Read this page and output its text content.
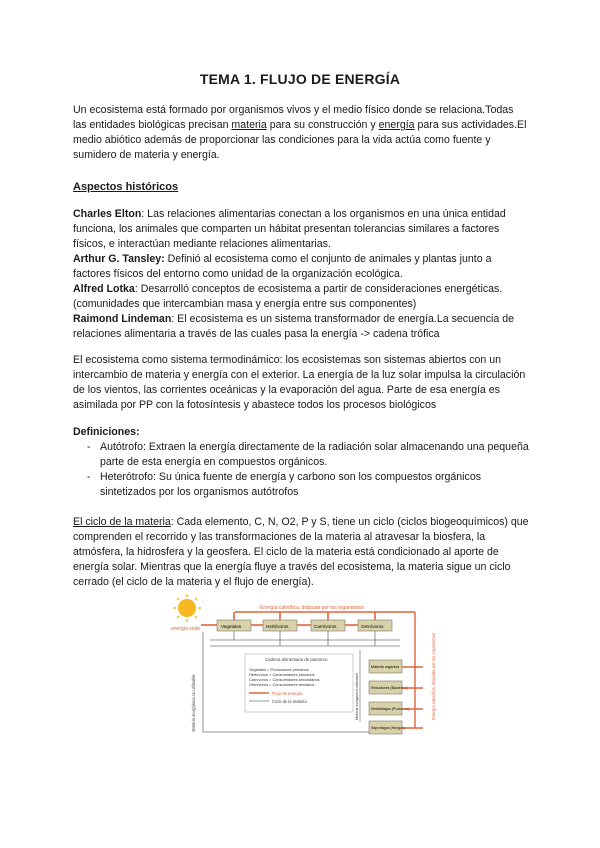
TEMA 1. FLUJO DE ENERGÍA
Un ecosistema está formado por organismos vivos y el medio físico donde se relaciona.Todas las entidades biológicas precisan materia para su construcción y energía para sus actividades.El medio abiótico además de proporcionar las condiciones para la vida actúa como fuente y sumidero de materia y energía.
Aspectos históricos
Charles Elton: Las relaciones alimentarias conectan a los organismos en una única entidad funciona, los animales que comparten un hábitat presentan tolerancias similares a factores físicos, e interactúan mediante relaciones alimentarias.
Arthur G. Tansley: Definió al ecosistema como el conjunto de animales y plantas junto a factores físicos del entorno como unidad de la organización ecológica.
Alfred Lotka: Desarrolló conceptos de ecosistema a partir de consideraciones energéticas.(comunidades que intercambian masa y energía entre sus componentes)
Raimond Lindeman: El ecosistema es un sistema transformador de energía.La secuencia de relaciones alimentaria a través de las cuales pasa la energía -> cadena trófica
El ecosistema como sistema termodinámico: los ecosistemas son sistemas abiertos con un intercambio de materia y energía con el exterior. La energía de la luz solar impulsa la circulación de los vientos, las corrientes oceánicas y la evaporación del agua. Parte de esa energía es asimilada por PP con la fotosíntesis y abastece todos los procesos biológicos
Definiciones:
- Autótrofo: Extraen la energía directamente de la radiación solar almacenando una pequeña parte de esta energía en compuestos orgánicos.
- Heterótrofo: Su única fuente de energía y carbono son los compuestos orgánicos sintetizados por los organismos autótrofos
El ciclo de la materia: Cada elemento, C, N, O2, P y S, tiene un ciclo (ciclos biogeoquímicos) que comprenden el recorrido y las transformaciones de la materia al atravesar la biosfera, la atmósfera, la hidrosfera y la geosfera. El ciclo de la materia está condicionado al aporte de energía solar. Mientras que la energía fluye a través del ecosistema, la materia sigue un ciclo cerrado (el ciclo de la materia y el flujo de energía).
energía solar
Energía calorífica, disipada por los organismos
Vegetales	Herbívoros	Carnívoros	Omnívoros
Materia inorgánica no utilizable
Cadena alimentaria de pastoreo
Vegetales = Productores primarios
Herbívoros = Consumidores primarios
Carnívoros = Consumidores secundarios
Omnívoros = Consumidores terciarios
Flujo de energía
Ciclo de la materia	Materia inorgánica utilizable
Materia orgánica
Reductores (Bacterias)
Destritófagos (Protozoos)
Saprófagos (Hongos)
Energía calorífica, disipada por los organismos
